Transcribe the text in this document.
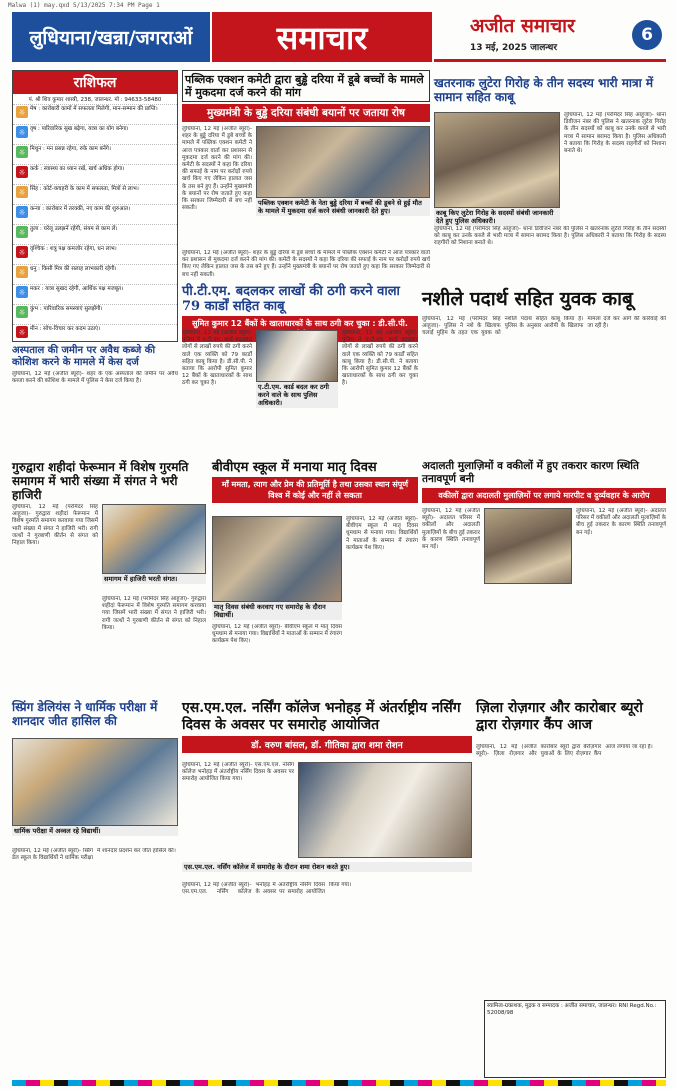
Malwa (1) may.qxd 5/13/2025 7:34 PM Page 1
लुधियाना/खन्ना/जगराओं	समाचार	अजीत समाचार
13 मई, 2025 जालन्धर
6
राशिफल
पं. श्री शिव कुमार शास्त्री, 238, जालन्धर. मो : 94633-58480
☼ मेष : कारोबारी कामों में सफलता मिलेगी, मान-सम्मान की प्राप्ति।
☼ वृष : पारिवारिक सुख बढ़ेगा, यात्रा का योग बनेगा।
☼ मिथुन : मन प्रसन्न रहेगा, रुके काम बनेंगे।
☼ कर्क : स्वास्थ्य का ध्यान रखें, खर्च अधिक होगा।
☼ सिंह : कोर्ट-कचहरी के काम में सफलता, मित्रों से लाभ।
☼ कन्या : कारोबार में तरक्की, नए काम की शुरुआत।
☼ तुला : घरेलू उलझनें रहेंगी, संयम से काम लें।
☼ वृश्चिक : शत्रु पक्ष कमजोर रहेगा, धन लाभ।
☼ धनु : किसी मित्र की सलाह लाभकारी रहेगी।
☼ मकर : यात्रा सुखद रहेगी, आर्थिक पक्ष मजबूत।
☼ कुंभ : पारिवारिक समस्याएं सुलझेंगी।
☼ मीन : सोच-विचार कर कदम उठाएं।
अस्पताल की जमीन पर अवैध कब्जे की कोशिश करने के मामले में केस दर्ज
लुधियाना, 12 मई (अजीत ब्यूरो)- शहर के एक अस्पताल की जमीन पर अवैध कब्जा करने की कोशिश के मामले में पुलिस ने केस दर्ज किया है।
पब्लिक एक्शन कमेटी द्वारा बुड्ढे दरिया में डूबे बच्चों के मामले में मुकदमा दर्ज करने की मांग
मुख्यमंत्री के बुड्ढे दरिया संबंधी बयानों पर जताया रोष
लुधियाना, 12 मई (अजीत ब्यूरो)- शहर के बुड्ढे दरिया में डूबे बच्चों के मामले में पब्लिक एक्शन कमेटी ने आज पत्रकार वार्ता कर प्रशासन से मुकदमा दर्ज करने की मांग की। कमेटी के सदस्यों ने कहा कि दरिया की सफाई के नाम पर करोड़ों रुपये खर्च किए गए लेकिन हालात जस के तस बने हुए हैं। उन्होंने मुख्यमंत्री के बयानों पर रोष जताते हुए कहा कि सरकार जिम्मेदारी से बच नहीं सकती।
पब्लिक एक्शन कमेटी के नेता बुड्ढे दरिया में बच्चों की डूबने से हुई मौत के मामले में मुकदमा दर्ज करने संबंधी जानकारी देते हुए।
लुधियाना, 12 मई (अजीत ब्यूरो)- शहर के बुड्ढे दरिया में डूबे बच्चों के मामले में पब्लिक एक्शन कमेटी ने आज पत्रकार वार्ता कर प्रशासन से मुकदमा दर्ज करने की मांग की। कमेटी के सदस्यों ने कहा कि दरिया की सफाई के नाम पर करोड़ों रुपये खर्च किए गए लेकिन हालात जस के तस बने हुए हैं। उन्होंने मुख्यमंत्री के बयानों पर रोष जताते हुए कहा कि सरकार जिम्मेदारी से बच नहीं सकती।
खतरनाक लुटेरा गिरोह के तीन सदस्य भारी मात्रा में सामान सहित काबू
काबू किए लुटेरा गिरोह के सदस्यों संबंधी जानकारी देते हुए पुलिस अधिकारी।
लुधियाना, 12 मई (परमिंदर सिंह आहूजा)- थाना डिवीजन नंबर की पुलिस ने खतरनाक लुटेरा गिरोह के तीन सदस्यों को काबू कर उनके कब्जे से भारी मात्रा में सामान बरामद किया है। पुलिस अधिकारी ने बताया कि गिरोह के सदस्य राहगीरों को निशाना बनाते थे।
लुधियाना, 12 मई (परमिंदर सिंह आहूजा)- थाना डिवीजन नंबर की पुलिस ने खतरनाक लुटेरा गिरोह के तीन सदस्यों को काबू कर उनके कब्जे से भारी मात्रा में सामान बरामद किया है। पुलिस अधिकारी ने बताया कि गिरोह के सदस्य राहगीरों को निशाना बनाते थे।
पी.टी.एम. बदलकर लाखों की ठगी करने वाला 79 कार्डों सहित काबू
सुमित कुमार 12 बैंकों के खाताधारकों के साथ ठगी कर चुका : डी.सी.पी.
लुधियाना, 12 मई (अजीत ब्यूरो)- पुलिस ने ए.टी.एम. कार्ड बदलकर लोगों से लाखों रुपये की ठगी करने वाले एक व्यक्ति को 79 कार्डों सहित काबू किया है। डी.सी.पी. ने बताया कि आरोपी सुमित कुमार 12 बैंकों के खाताधारकों के साथ ठगी कर चुका है।	ए.टी.एम. कार्ड बदल कर ठगी करने वाले के साथ पुलिस अधिकारी।
लुधियाना, 12 मई (अजीत ब्यूरो)- पुलिस ने ए.टी.एम. कार्ड बदलकर लोगों से लाखों रुपये की ठगी करने वाले एक व्यक्ति को 79 कार्डों सहित काबू किया है। डी.सी.पी. ने बताया कि आरोपी सुमित कुमार 12 बैंकों के खाताधारकों के साथ ठगी कर चुका है।
नशीले पदार्थ सहित युवक काबू
लुधियाना, 12 मई (परमिंदर सिंह आहूजा)- पुलिस ने नशे के खिलाफ चलाई मुहिम के तहत एक युवक को नशीले पदार्थ सहित काबू किया है। पुलिस के अनुसार आरोपी के खिलाफ मामला दर्ज कर आगे की कार्रवाई की जा रही है।
गुरुद्वारा शहीदां फेरूमान में विशेष गुरमति समागम में भारी संख्या में संगत ने भरी हाजिरी
लुधियाना, 12 मई (परमिंदर सिंह आहूजा)- गुरुद्वारा शहीदां फेरूमान में विशेष गुरमति समागम करवाया गया जिसमें भारी संख्या में संगत ने हाजिरी भरी। रागी जत्थों ने गुरबाणी कीर्तन से संगत को निहाल किया।
समागम में हाजिरी भरती संगत।
लुधियाना, 12 मई (परमिंदर सिंह आहूजा)- गुरुद्वारा शहीदां फेरूमान में विशेष गुरमति समागम करवाया गया जिसमें भारी संख्या में संगत ने हाजिरी भरी। रागी जत्थों ने गुरबाणी कीर्तन से संगत को निहाल किया।
बीवीएम स्कूल में मनाया मातृ दिवस
माँ ममता, त्याग और प्रेम की प्रतिमूर्ति है तथा उसका स्थान संपूर्ण विश्व में कोई और नहीं ले सकता
मातृ दिवस संबंधी करवाए गए समारोह के दौरान विद्यार्थी।
लुधियाना, 12 मई (अजीत ब्यूरो)- बीवीएम स्कूल में मातृ दिवस धूमधाम से मनाया गया। विद्यार्थियों ने माताओं के सम्मान में रंगारंग कार्यक्रम पेश किए।
लुधियाना, 12 मई (अजीत ब्यूरो)- बीवीएम स्कूल में मातृ दिवस धूमधाम से मनाया गया। विद्यार्थियों ने माताओं के सम्मान में रंगारंग कार्यक्रम पेश किए।
अदालती मुलाज़िमों व वकीलों में हुए तकरार कारण स्थिति तनावपूर्ण बनी
वकीलों द्वारा अदालती मुलाज़िमों पर लगाये मारपीट व दुर्व्यवहार के आरोप
लुधियाना, 12 मई (अजीत ब्यूरो)- अदालत परिसर में वकीलों और अदालती मुलाज़िमों के बीच हुई तकरार के कारण स्थिति तनावपूर्ण बन गई।
लुधियाना, 12 मई (अजीत ब्यूरो)- अदालत परिसर में वकीलों और अदालती मुलाज़िमों के बीच हुई तकरार के कारण स्थिति तनावपूर्ण बन गई।
स्प्रिंग डेलियंस ने धार्मिक परीक्षा में शानदार जीत हासिल की
धार्मिक परीक्षा में अव्वल रहे विद्यार्थी।
लुधियाना, 12 मई (अजीत ब्यूरो)- स्प्रिंग डेल स्कूल के विद्यार्थियों ने धार्मिक परीक्षा में शानदार प्रदर्शन कर जीत हासिल की।
एस.एम.एल. नर्सिंग कॉलेज भनोहड़ में अंतर्राष्ट्रीय नर्सिंग दिवस के अवसर पर समारोह आयोजित
डॉ. वरुण बांसल, डॉ. गीतिका द्वारा शमा रोशन
लुधियाना, 12 मई (अजीत ब्यूरो)- एस.एम.एल. नर्सिंग कॉलेज भनोहड़ में अंतर्राष्ट्रीय नर्सिंग दिवस के अवसर पर समारोह आयोजित किया गया।
एस.एम.एल. नर्सिंग कॉलेज में समारोह के दौरान शमा रोशन करते हुए।
लुधियाना, 12 मई (अजीत ब्यूरो)- एस.एम.एल. नर्सिंग कॉलेज भनोहड़ में अंतर्राष्ट्रीय नर्सिंग दिवस के अवसर पर समारोह आयोजित किया गया।
ज़िला रोज़गार और कारोबार ब्यूरो द्वारा रोज़गार कैंप आज
लुधियाना, 12 मई (अजीत ब्यूरो)- ज़िला रोज़गार और कारोबार ब्यूरो द्वारा बेरोज़गार युवाओं के लिए रोज़गार कैंप आज लगाया जा रहा है।
स्वामित्व-ग्रकाशक, मुद्रक व सम्पादक : अजीत समाचार, जालन्धर। RNI Regd.No.: 52008/98
